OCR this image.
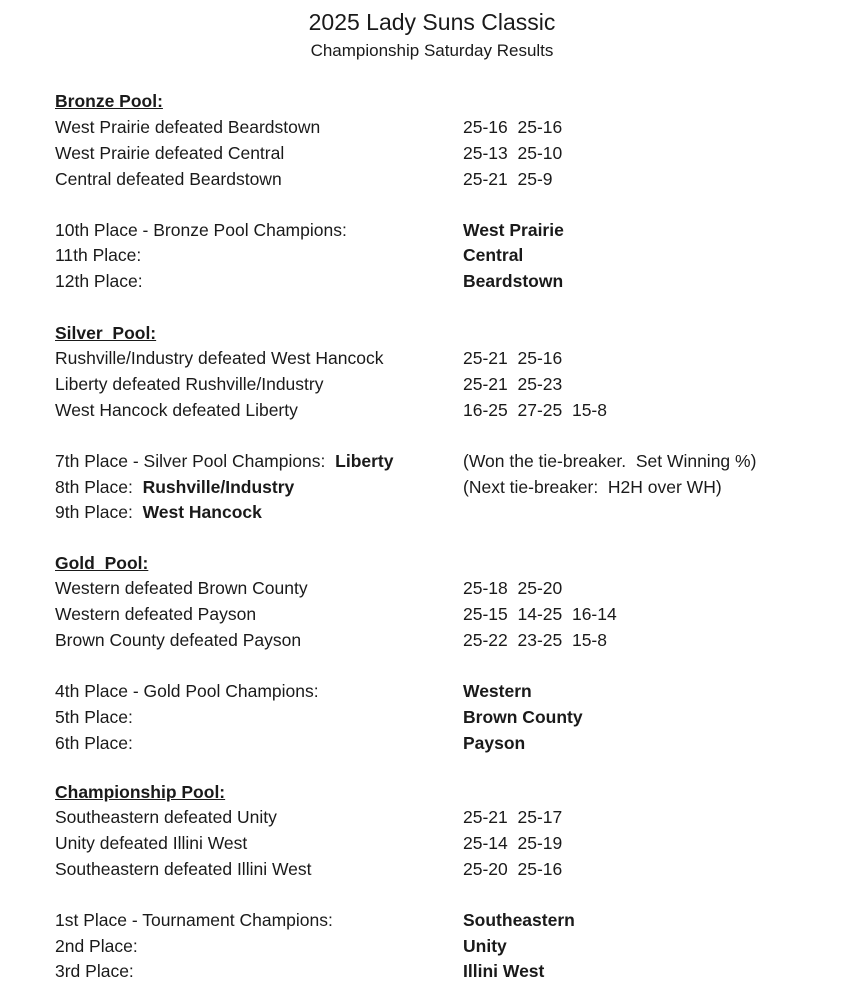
2025 Lady Suns Classic
Championship Saturday Results
Bronze Pool:
West Prairie defeated Beardstown	25-16  25-16
West Prairie defeated Central	25-13  25-10
Central defeated Beardstown	25-21  25-9
10th Place - Bronze Pool Champions:	West Prairie
11th Place:	Central
12th Place:	Beardstown
Silver  Pool:
Rushville/Industry defeated West Hancock	25-21  25-16
Liberty defeated Rushville/Industry	25-21  25-23
West Hancock defeated Liberty	16-25  27-25  15-8
7th Place - Silver Pool Champions: Liberty	(Won the tie-breaker.  Set Winning %)
8th Place: Rushville/Industry	(Next tie-breaker:  H2H over WH)
9th Place: West Hancock
Gold  Pool:
Western defeated Brown County	25-18  25-20
Western defeated Payson	25-15  14-25  16-14
Brown County defeated Payson	25-22  23-25  15-8
4th Place - Gold Pool Champions:	Western
5th Place:	Brown County
6th Place:	Payson
Championship Pool:
Southeastern defeated Unity	25-21  25-17
Unity defeated Illini West	25-14  25-19
Southeastern defeated Illini West	25-20  25-16
1st Place - Tournament Champions:	Southeastern
2nd Place:	Unity
3rd Place:	Illini West
